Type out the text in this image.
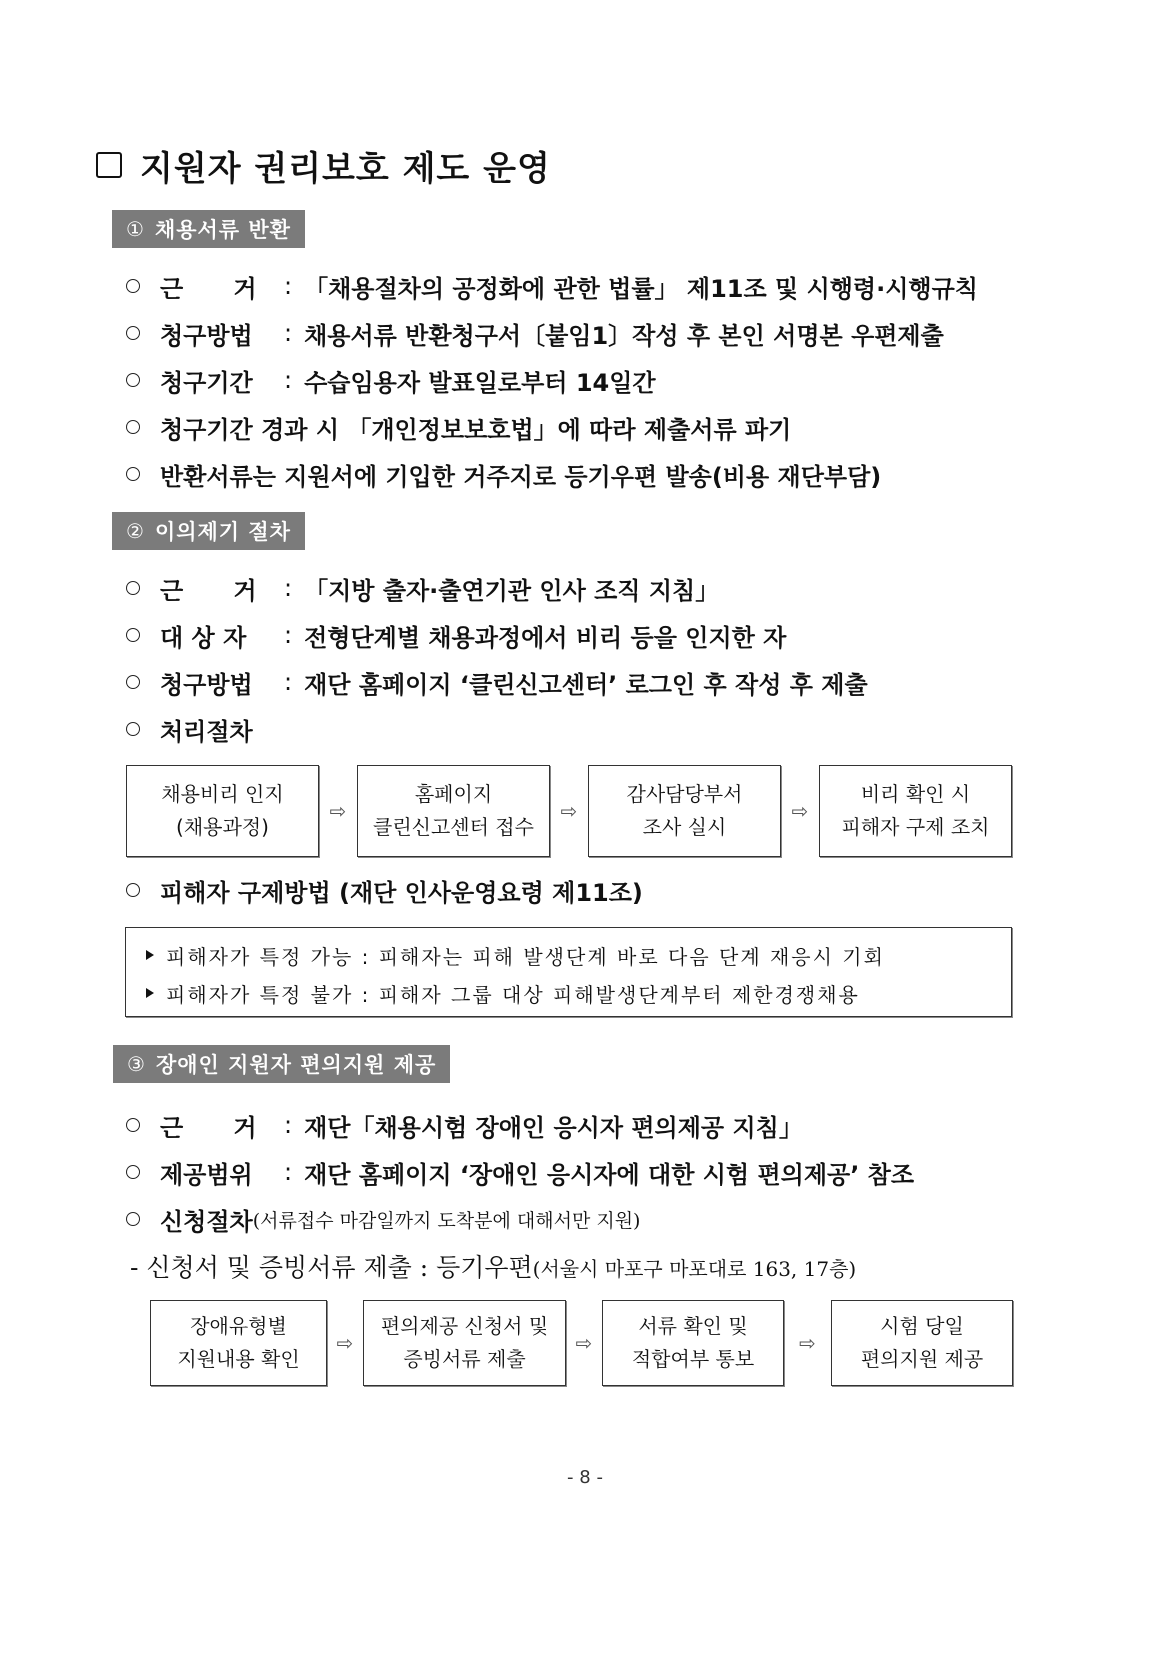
지원자 권리보호 제도 운영
① 채용서류 반환
근      거	: 「채용절차의 공정화에 관한 법률」 제11조 및 시행령·시행규칙
청구방법	: 채용서류 반환청구서〔붙임1〕작성 후 본인 서명본 우편제출
청구기간	: 수습임용자 발표일로부터 14일간
청구기간 경과 시 「개인정보보호법」에 따라 제출서류 파기
반환서류는 지원서에 기입한 거주지로 등기우편 발송(비용 재단부담)
② 이의제기 절차
근      거	: 「지방 출자·출연기관 인사 조직 지침」
대 상 자	: 전형단계별 채용과정에서 비리 등을 인지한 자
청구방법	: 재단 홈페이지 ‘클린신고센터’ 로그인 후 작성 후 제출
처리절차
채용비리 인지
(채용과정)
⇨
홈페이지
클린신고센터 접수
⇨
감사담당부서
조사 실시
⇨
비리 확인 시
피해자 구제 조치
피해자 구제방법 (재단 인사운영요령 제11조)
피해자가 특정 가능 : 피해자는 피해 발생단계 바로 다음 단계 재응시 기회
피해자가 특정 불가 : 피해자 그룹 대상 피해발생단계부터 제한경쟁채용
③ 장애인 지원자 편의지원 제공
근      거	: 재단「채용시험 장애인 응시자 편의제공 지침」
제공범위	: 재단 홈페이지 ‘장애인 응시자에 대한 시험 편의제공’ 참조
신청절차 (서류접수 마감일까지 도착분에 대해서만 지원)
- 신청서 및 증빙서류 제출 : 등기우편(서울시 마포구 마포대로 163, 17층)
장애유형별
지원내용 확인
⇨
편의제공 신청서 및
증빙서류 제출
⇨
서류 확인 및
적합여부 통보
⇨
시험 당일
편의지원 제공
- 8 -
